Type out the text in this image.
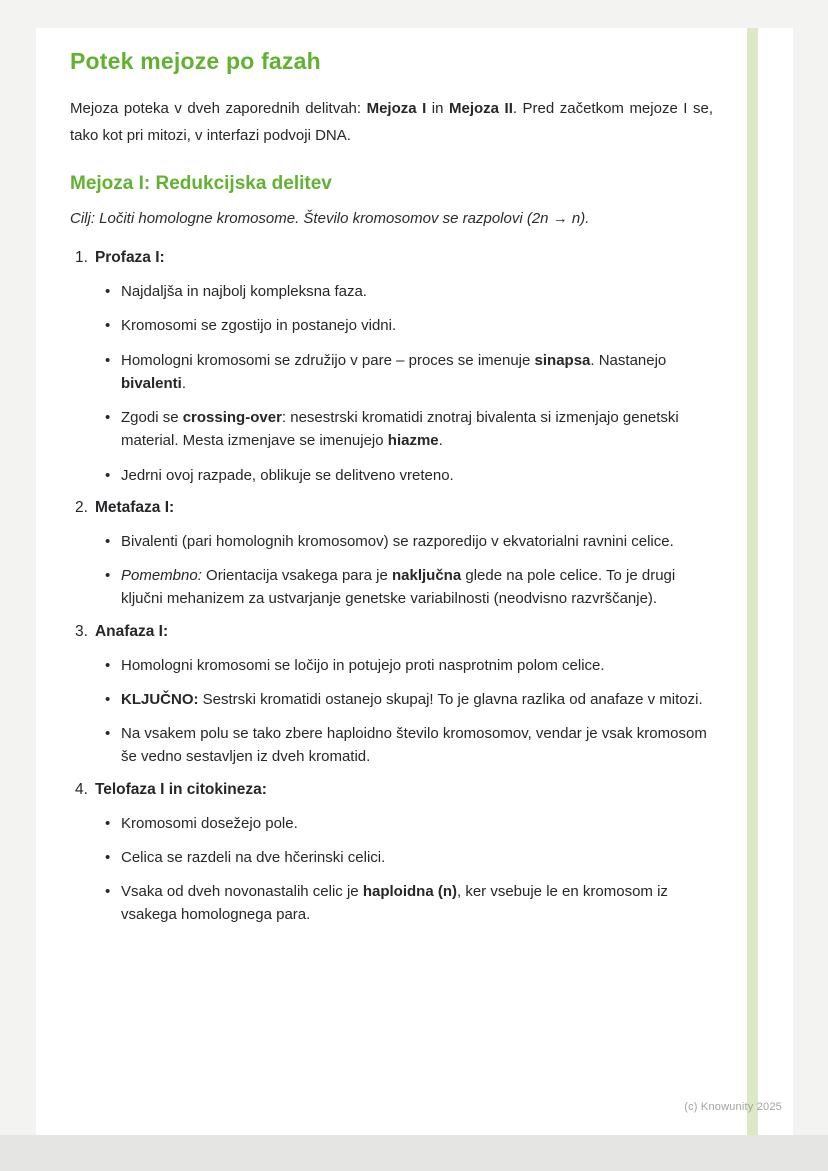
Potek mejoze po fazah

Mejoza poteka v dveh zaporednih delitvah: Mejoza I in Mejoza II. Pred začetkom mejoze I se, tako kot pri mitozi, v interfazi podvoji DNA.

Mejoza I: Redukcijska delitev

Cilj: Ločiti homologne kromosome. Število kromosomov se razpolovi (2n → n).

1. Profaza I:
• Najdaljša in najbolj kompleksna faza.
• Kromosomi se zgostijo in postanejo vidni.
• Homologni kromosomi se združijo v pare – proces se imenuje sinapsa. Nastanejo bivalenti.
• Zgodi se crossing-over: nesestrski kromatidi znotraj bivalenta si izmenjajo genetski material. Mesta izmenjave se imenujejo hiazme.
• Jedrni ovoj razpade, oblikuje se delitveno vreteno.
2. Metafaza I:
• Bivalenti (pari homolognih kromosomov) se razporedijo v ekvatorialni ravnini celice.
• Pomembno: Orientacija vsakega para je naključna glede na pole celice. To je drugi ključni mehanizem za ustvarjanje genetske variabilnosti (neodvisno razvrščanje).
3. Anafaza I:
• Homologni kromosomi se ločijo in potujejo proti nasprotnim polom celice.
• KLJUČNO: Sestrski kromatidi ostanejo skupaj! To je glavna razlika od anafaze v mitozi.
• Na vsakem polu se tako zbere haploidno število kromosomov, vendar je vsak kromosom še vedno sestavljen iz dveh kromatid.
4. Telofaza I in citokineza:
• Kromosomi dosežejo pole.
• Celica se razdeli na dve hčerinski celici.
• Vsaka od dveh novonastalih celic je haploidna (n), ker vsebuje le en kromosom iz vsakega homolognega para.
(c) Knowunity 2025
